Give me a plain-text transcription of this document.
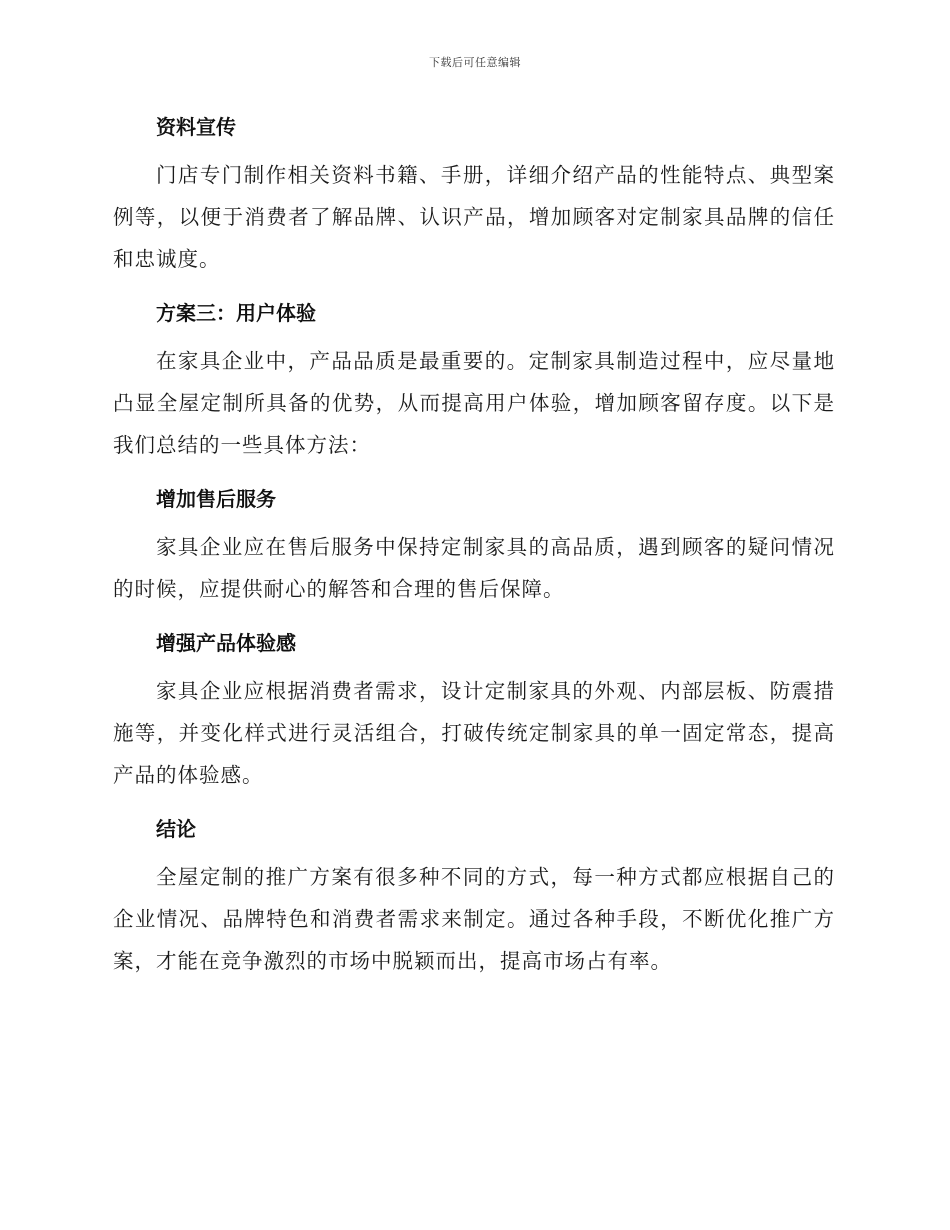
下载后可任意编辑
资料宣传

门店专门制作相关资料书籍、手册，详细介绍产品的性能特点、典型案例等，以便于消费者了解品牌、认识产品，增加顾客对定制家具品牌的信任和忠诚度。

方案三：用户体验

在家具企业中，产品品质是最重要的。定制家具制造过程中，应尽量地凸显全屋定制所具备的优势，从而提高用户体验，增加顾客留存度。以下是我们总结的一些具体方法：

增加售后服务

家具企业应在售后服务中保持定制家具的高品质，遇到顾客的疑问情况的时候，应提供耐心的解答和合理的售后保障。

增强产品体验感

家具企业应根据消费者需求，设计定制家具的外观、内部层板、防震措施等，并变化样式进行灵活组合，打破传统定制家具的单一固定常态，提高产品的体验感。

结论

全屋定制的推广方案有很多种不同的方式，每一种方式都应根据自己的企业情况、品牌特色和消费者需求来制定。通过各种手段，不断优化推广方案，才能在竞争激烈的市场中脱颖而出，提高市场占有率。
